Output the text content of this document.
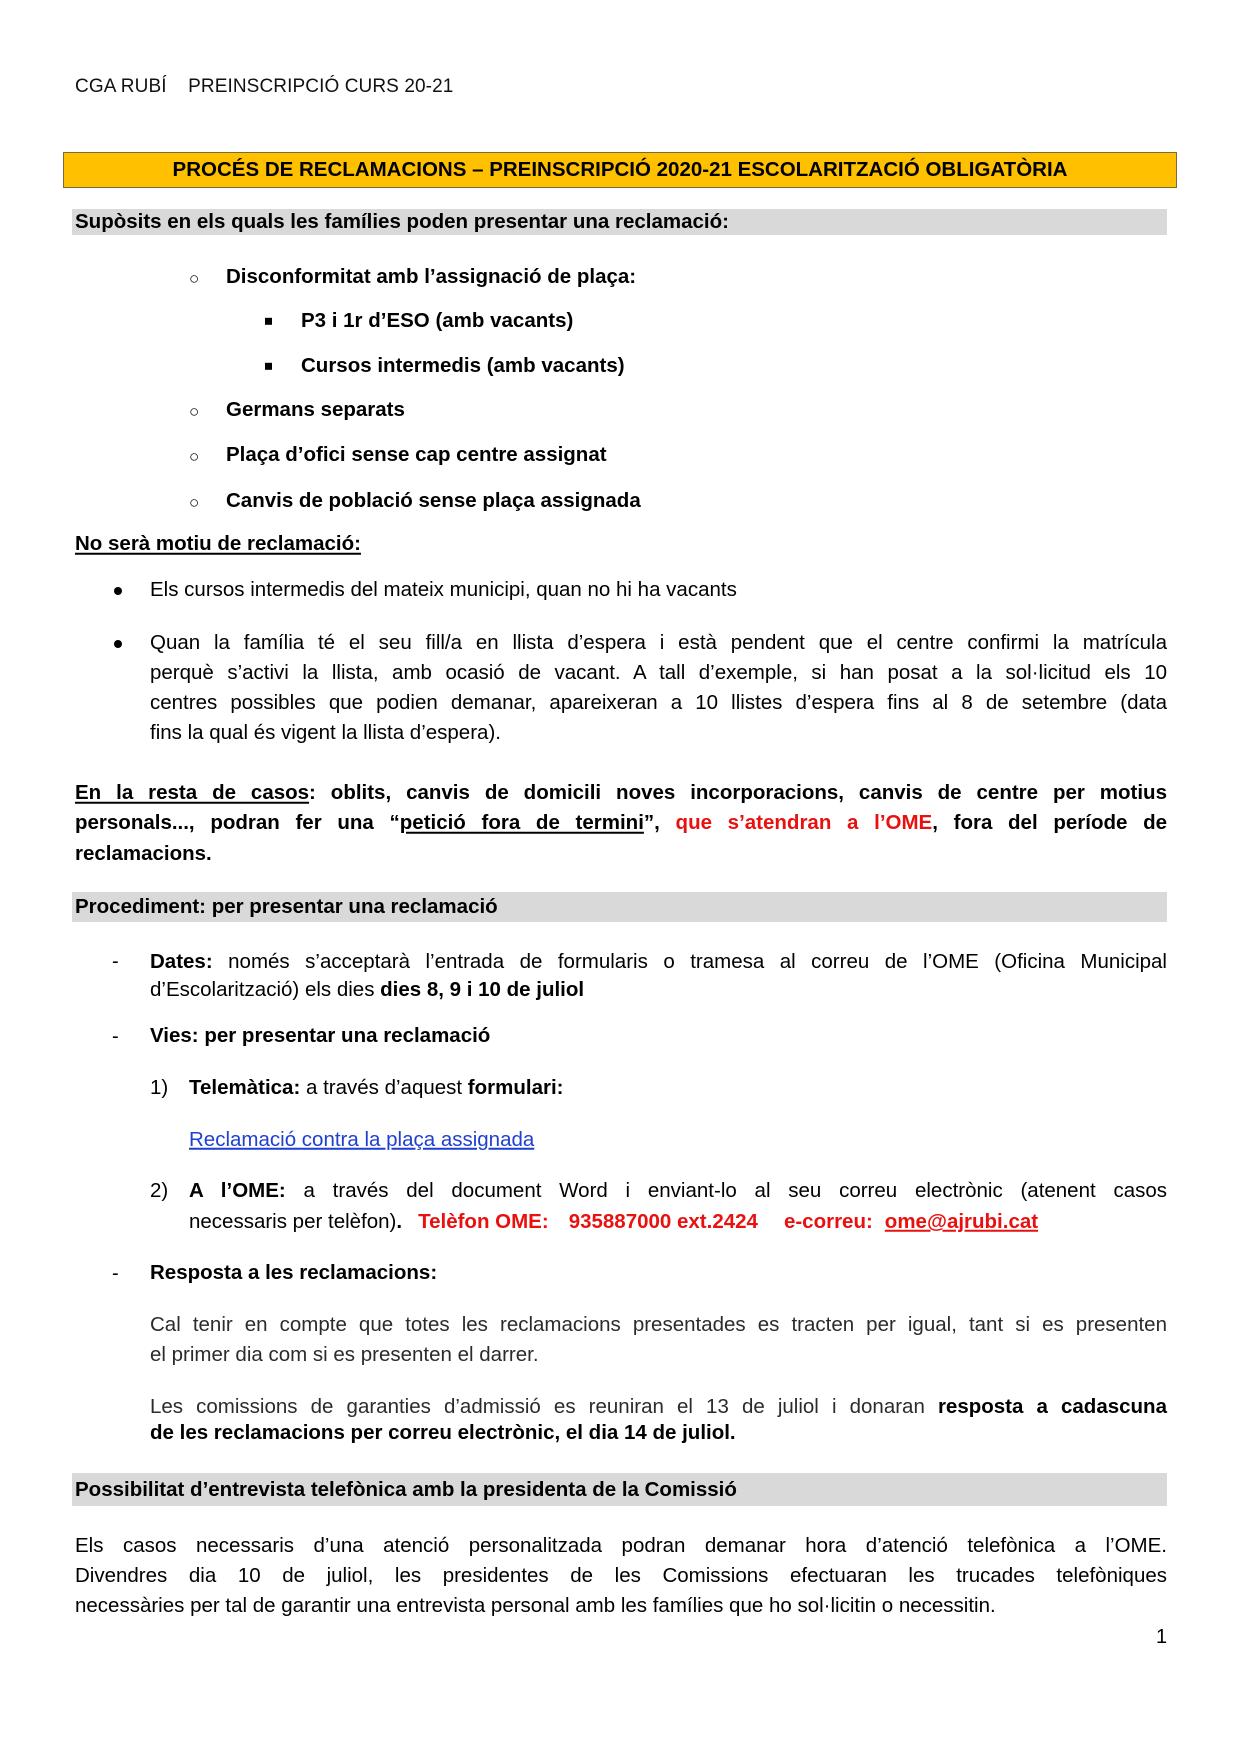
CGA RUBÍ    PREINSCRIPCIÓ CURS 20-21
PROCÉS DE RECLAMACIONS – PREINSCRIPCIÓ 2020-21 ESCOLARITZACIÓ OBLIGATÒRIA
Supòsits en els quals les famílies poden presentar una reclamació:
○ Disconformitat amb l’assignació de plaça:
P3 i 1r d’ESO (amb vacants)
Cursos intermedis (amb vacants)
○ Germans separats
○ Plaça d’ofici sense cap centre assignat
○ Canvis de població sense plaça assignada
No serà motiu de reclamació:
Els cursos intermedis del mateix municipi, quan no hi ha vacants
Quan la família té el seu fill/a en llista d’espera i està pendent que el centre confirmi la matrícula
perquè s’activi la llista, amb ocasió de vacant. A tall d’exemple, si han posat a la sol·licitud els 10
centres possibles que podien demanar, apareixeran a 10 llistes d’espera fins al 8 de setembre (data
fins la qual és vigent la llista d’espera).
En la resta de casos: oblits, canvis de domicili noves incorporacions, canvis de centre per motius
personals..., podran fer una “petició fora de termini”, que s’atendran a l’OME, fora del període de
reclamacions.
Procediment: per presentar una reclamació
- Dates: només s’acceptarà l’entrada de formularis o tramesa al correu de l’OME (Oficina Municipal
d’Escolarització) els dies dies 8, 9 i 10 de juliol
- Vies: per presentar una reclamació
1) Telemàtica: a través d’aquest formulari:
Reclamació contra la plaça assignada
2) A l’OME: a través del document Word i enviant-lo al seu correu electrònic (atenent casos
necessaris per telèfon). Telèfon OME: 935887000 ext.2424 e-correu: ome@ajrubi.cat
- Resposta a les reclamacions:
Cal tenir en compte que totes les reclamacions presentades es tracten per igual, tant si es presenten
el primer dia com si es presenten el darrer.
Les comissions de garanties d’admissió es reuniran el 13 de juliol i donaran resposta a cadascuna
de les reclamacions per correu electrònic, el dia 14 de juliol.
Possibilitat d’entrevista telefònica amb la presidenta de la Comissió
Els casos necessaris d’una atenció personalitzada podran demanar hora d’atenció telefònica a l’OME.
Divendres dia 10 de juliol, les presidentes de les Comissions efectuaran les trucades telefòniques
necessàries per tal de garantir una entrevista personal amb les famílies que ho sol·licitin o necessitin.
1
